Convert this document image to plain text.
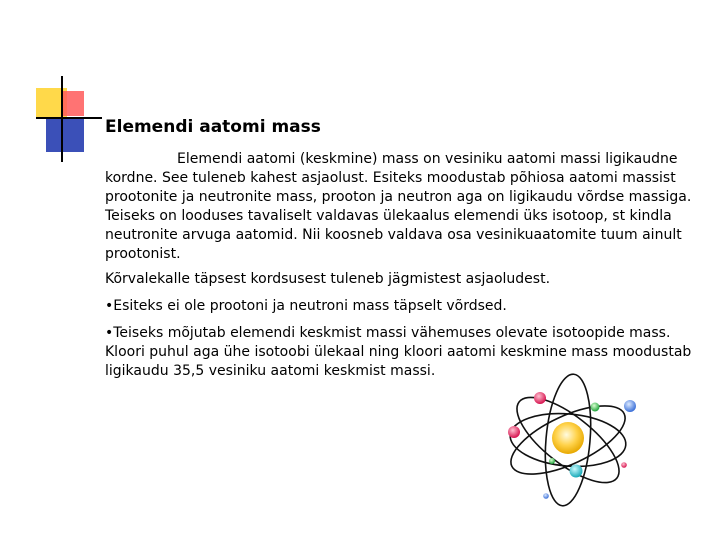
Elemendi aatomi mass

Elemendi aatomi (keskmine) mass on vesiniku aatomi massi ligikaudne kordne. See tuleneb kahest asjaolust. Esiteks moodustab põhiosa aatomi massist prootonite ja neutronite mass, prooton ja neutron aga on ligikaudu võrdse massiga. Teiseks on looduses tavaliselt valdavas ülekaalus elemendi üks isotoop, st kindla neutronite arvuga aatomid. Nii koosneb valdava osa vesinikuaatomite tuum ainult prootonist.

Kõrvalekalle täpsest kordsusest tuleneb jägmistest asjaoludest.

•Esiteks ei ole prootoni ja neutroni mass täpselt võrdsed.

•Teiseks mõjutab elemendi keskmist massi vähemuses olevate isotoopide mass. Kloori puhul aga ühe isotoobi ülekaal ning kloori aatomi keskmine mass moodustab ligikaudu 35,5 vesiniku aatomi keskmist massi.
